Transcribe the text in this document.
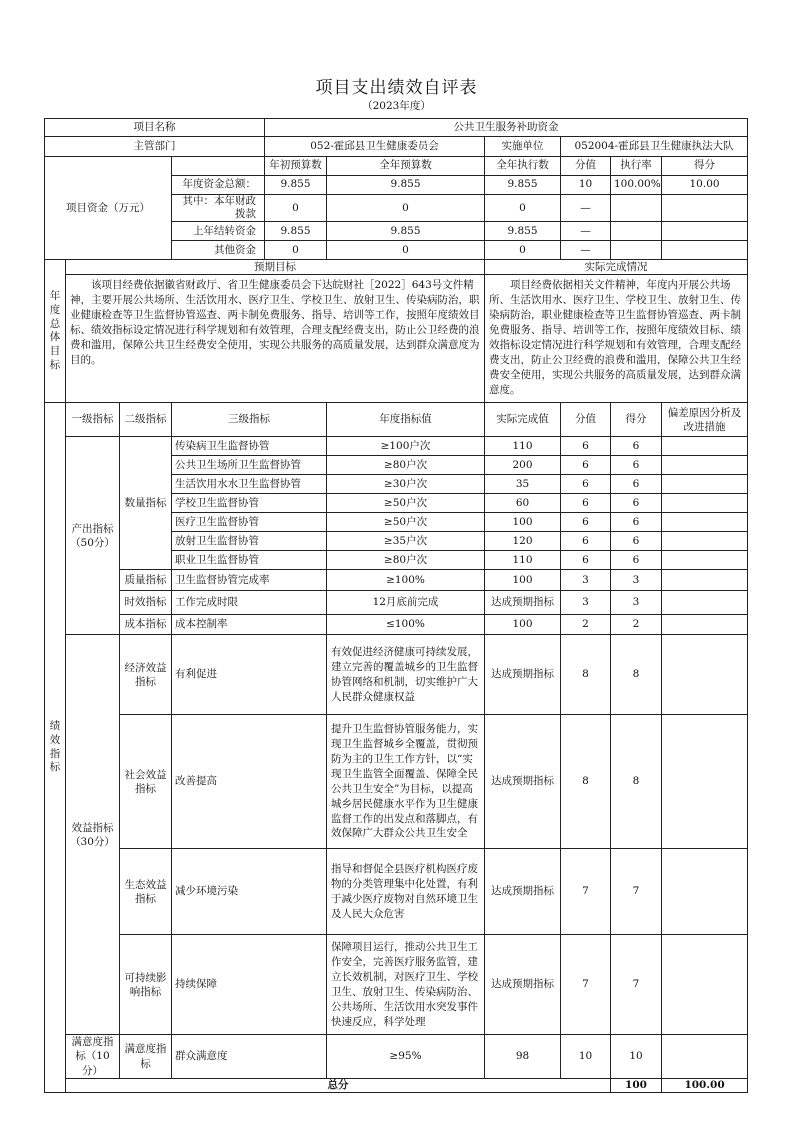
项目支出绩效自评表
（2023年度）
项目名称				公共卫生服务补助资金						
主管部门				052-霍邱县卫生健康委员会		实施单位	052004-霍邱县卫生健康执法大队			
项目资金（万元）				年初预算数	全年预算数	全年执行数	分值	执行率	得分	
			年度资金总额：	9.855	9.855	9.855	10	100.00%	10.00	
			其中：本年财政拨款	0	0	0	—			
			上年结转资金	9.855	9.855	9.855	—			
			其他资金	0	0	0	—			
年度总体目标	预期目标					实际完成情况				

	该项目经费依据徽省财政厅、省卫生健康委员会下达皖财社［2022］643号文件精神，主要开展公共场所、生活饮用水、医疗卫生、学校卫生、放射卫生、传染病防治，职业健康检查等卫生监督协管巡查、两卡制免费服务、指导、培训等工作，按照年度绩效目标、绩效指标设定情况进行科学规划和有效管理，合理支配经费支出，防止公卫经费的浪费和滥用，保障公共卫生经费安全使用，实现公共服务的高质量发展，达到群众满意度为目的。					项目经费依据相关文件精神，年度内开展公共场所、生活饮用水、医疗卫生、学校卫生、放射卫生、传染病防治，职业健康检查等卫生监督协管巡查、两卡制免费服务、指导、培训等工作，按照年度绩效目标、绩效指标设定情况进行科学规划和有效管理，合理支配经费支出，防止公卫经费的浪费和滥用，保障公共卫生经费安全使用，实现公共服务的高质量发展，达到群众满意度。				

绩效指标	一级指标	二级指标	三级指标		年度指标值	实际完成值	分值	得分	偏差原因分析及改进措施	
	产出指标（50分）	数量指标	传染病卫生监督协管		≥100户次	110	6	6		
			公共卫生场所卫生监督协管		≥80户次	200	6	6		
			生活饮用水水卫生监督协管		≥30户次	35	6	6		
			学校卫生监督协管		≥50户次	60	6	6		
			医疗卫生监督协管		≥50户次	100	6	6		
			放射卫生监督协管		≥35户次	120	6	6		
			职业卫生监督协管		≥80户次	110	6	6		
		质量指标	卫生监督协管完成率		≥100%	100	3	3		
		时效指标	工作完成时限		12月底前完成	达成预期指标	3	3		
		成本指标	成本控制率		≤100%	100	2	2		
	效益指标（30分）	经济效益指标	有利促进		有效促进经济健康可持续发展，建立完善的覆盖城乡的卫生监督协管网络和机制，切实维护广大人民群众健康权益	达成预期指标	8	8		
		社会效益指标	改善提高		提升卫生监督协管服务能力，实现卫生监督城乡全覆盖，贯彻预防为主的卫生工作方针，以“实现卫生监管全面覆盖、保障全民公共卫生安全”为目标，以提高城乡居民健康水平作为卫生健康监督工作的出发点和落脚点，有效保障广大群众公共卫生安全	达成预期指标	8	8		
		生态效益指标	减少环境污染		指导和督促全县医疗机构医疗废物的分类管理集中化处置，有利于减少医疗废物对自然环境卫生及人民大众危害	达成预期指标	7	7		
		可持续影响指标	持续保障		保障项目运行，推动公共卫生工作安全，完善医疗服务监管，建立长效机制，对医疗卫生、学校卫生、放射卫生、传染病防治、公共场所、生活饮用水突发事件快速反应，科学处理	达成预期指标	7	7		
	满意度指标（10分）	满意度指标	群众满意度		≥95%	98	10	10		
	总分							100	100.00	
